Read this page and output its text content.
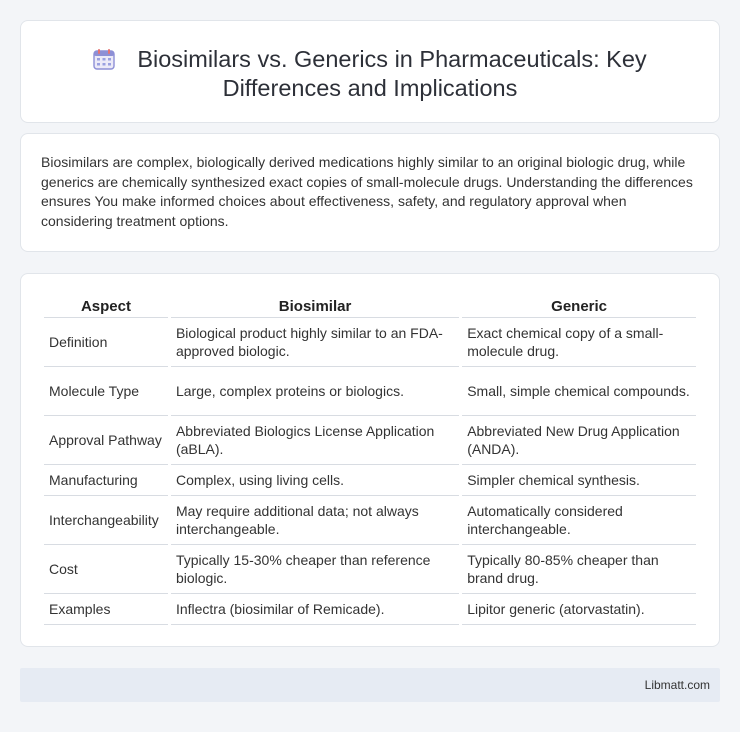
Biosimilars vs. Generics in Pharmaceuticals: Key Differences and Implications

Biosimilars are complex, biologically derived medications highly similar to an original biologic drug, while generics are chemically synthesized exact copies of small-molecule drugs. Understanding the differences ensures You make informed choices about effectiveness, safety, and regulatory approval when considering treatment options.

Aspect	Biosimilar	Generic
Definition	Biological product highly similar to an FDA-approved biologic.	Exact chemical copy of a small-molecule drug.
Molecule Type	Large, complex proteins or biologics.	Small, simple chemical compounds.
Approval Pathway	Abbreviated Biologics License Application (aBLA).	Abbreviated New Drug Application (ANDA).
Manufacturing	Complex, using living cells.	Simpler chemical synthesis.
Interchangeability	May require additional data; not always interchangeable.	Automatically considered interchangeable.
Cost	Typically 15-30% cheaper than reference biologic.	Typically 80-85% cheaper than brand drug.
Examples	Inflectra (biosimilar of Remicade).	Lipitor generic (atorvastatin).
Libmatt.com
